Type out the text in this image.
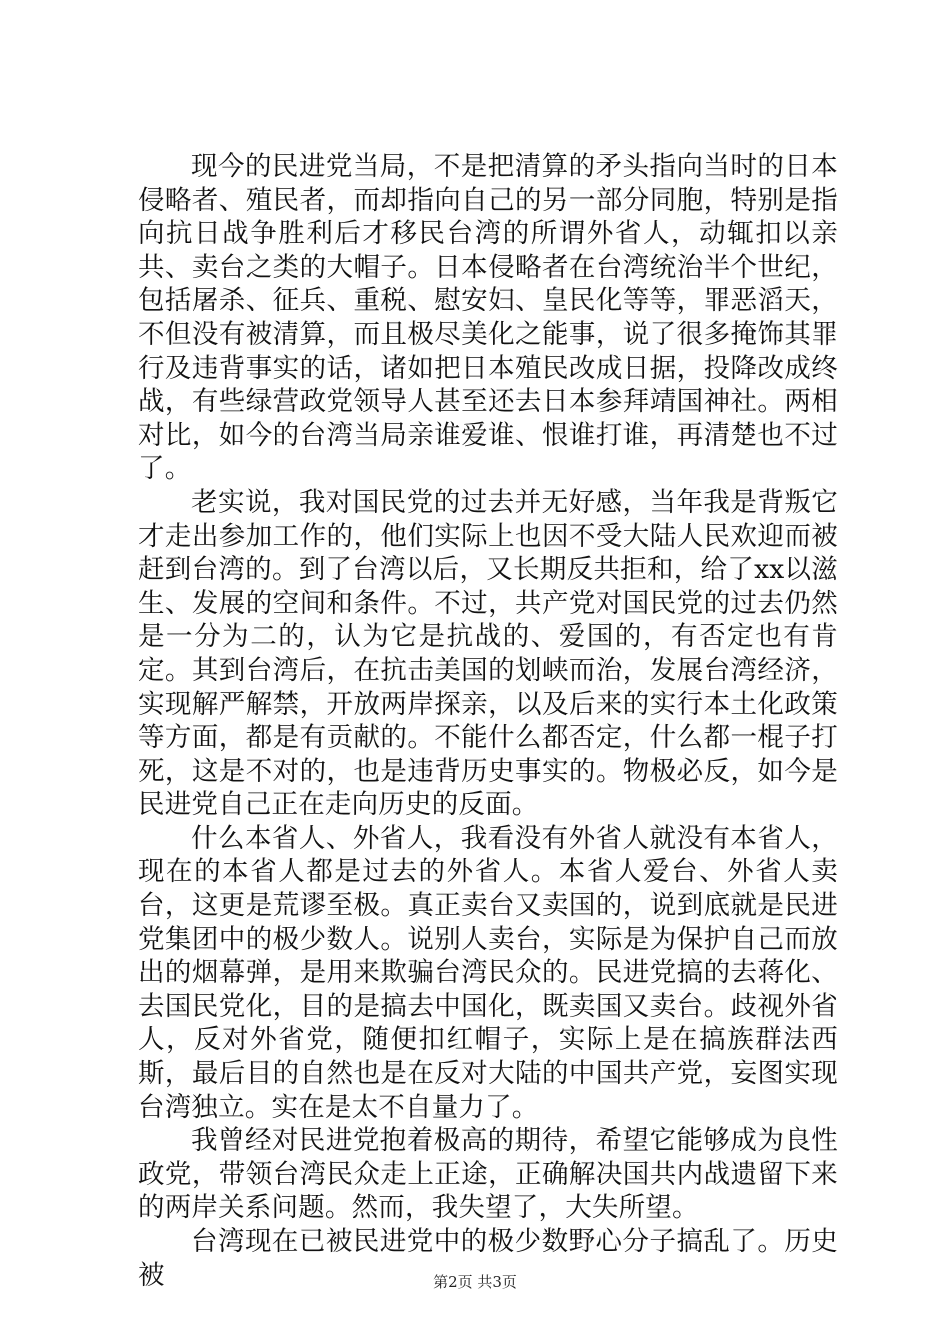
现今的民进党当局，不是把清算的矛头指向当时的日本侵略者、殖民者，而却指向自己的另一部分同胞，特别是指向抗日战争胜利后才移民台湾的所谓外省人，动辄扣以亲共、卖台之类的大帽子。日本侵略者在台湾统治半个世纪，包括屠杀、征兵、重税、慰安妇、皇民化等等，罪恶滔天，不但没有被清算，而且极尽美化之能事，说了很多掩饰其罪行及违背事实的话，诸如把日本殖民改成日据，投降改成终战，有些绿营政党领导人甚至还去日本参拜靖国神社。两相对比，如今的台湾当局亲谁爱谁、恨谁打谁，再清楚也不过了。

老实说，我对国民党的过去并无好感，当年我是背叛它才走出参加工作的，他们实际上也因不受大陆人民欢迎而被赶到台湾的。到了台湾以后，又长期反共拒和，给了xx以滋生、发展的空间和条件。不过，共产党对国民党的过去仍然是一分为二的，认为它是抗战的、爱国的，有否定也有肯定。其到台湾后，在抗击美国的划峡而治，发展台湾经济，实现解严解禁，开放两岸探亲，以及后来的实行本土化政策等方面，都是有贡献的。不能什么都否定，什么都一棍子打死，这是不对的，也是违背历史事实的。物极必反，如今是民进党自己正在走向历史的反面。

什么本省人、外省人，我看没有外省人就没有本省人，现在的本省人都是过去的外省人。本省人爱台、外省人卖台，这更是荒谬至极。真正卖台又卖国的，说到底就是民进党集团中的极少数人。说别人卖台，实际是为保护自己而放出的烟幕弹，是用来欺骗台湾民众的。民进党搞的去蒋化、去国民党化，目的是搞去中国化，既卖国又卖台。歧视外省人，反对外省党，随便扣红帽子，实际上是在搞族群法西斯，最后目的自然也是在反对大陆的中国共产党，妄图实现台湾独立。实在是太不自量力了。

我曾经对民进党抱着极高的期待，希望它能够成为良性政党，带领台湾民众走上正途，正确解决国共内战遗留下来的两岸关系问题。然而，我失望了，大失所望。

台湾现在已被民进党中的极少数野心分子搞乱了。历史被	第2页 共3页
